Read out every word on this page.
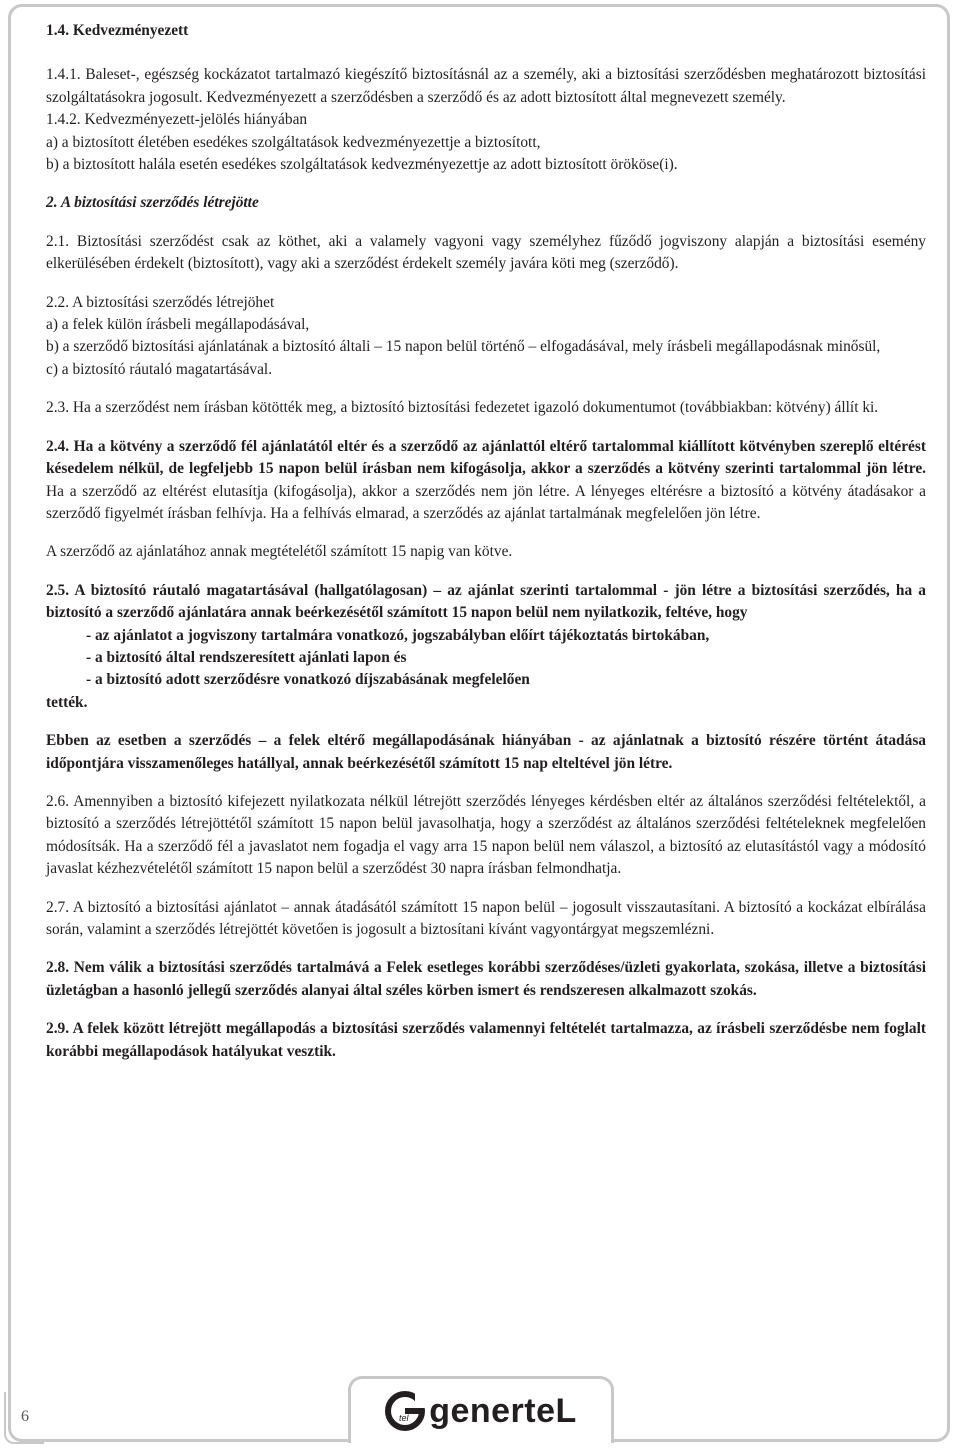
1.4. Kedvezményezett

1.4.1. Baleset-, egészség kockázatot tartalmazó kiegészítő biztosításnál az a személy, aki a biztosítási szerződésben meghatározott biztosítási szolgáltatásokra jogosult. Kedvezményezett a szerződésben a szerződő és az adott biztosított által megnevezett személy.

1.4.2. Kedvezményezett-jelölés hiányában

a) a biztosított életében esedékes szolgáltatások kedvezményezettje a biztosított,

b) a biztosított halála esetén esedékes szolgáltatások kedvezményezettje az adott biztosított örököse(i).

2. A biztosítási szerződés létrejötte

2.1. Biztosítási szerződést csak az köthet, aki a valamely vagyoni vagy személyhez fűződő jogviszony alapján a biztosítási esemény elkerülésében érdekelt (biztosított), vagy aki a szerződést érdekelt személy javára köti meg (szerződő).

2.2. A biztosítási szerződés létrejöhet

a) a felek külön írásbeli megállapodásával,

b) a szerződő biztosítási ajánlatának a biztosító általi – 15 napon belül történő – elfogadásával, mely írásbeli megállapodásnak minősül,

c) a biztosító ráutaló magatartásával.

2.3. Ha a szerződést nem írásban kötötték meg, a biztosító biztosítási fedezetet igazoló dokumentumot (továbbiakban: kötvény) állít ki.

2.4. Ha a kötvény a szerződő fél ajánlatától eltér és a szerződő az ajánlattól eltérő tartalommal kiállított kötvényben szereplő eltérést késedelem nélkül, de legfeljebb 15 napon belül írásban nem kifogásolja, akkor a szerződés a kötvény szerinti tartalommal jön létre. Ha a szerződő az eltérést elutasítja (kifogásolja), akkor a szerződés nem jön létre. A lényeges eltérésre a biztosító a kötvény átadásakor a szerződő figyelmét írásban felhívja. Ha a felhívás elmarad, a szerződés az ajánlat tartalmának megfelelően jön létre.

A szerződő az ajánlatához annak megtételétől számított 15 napig van kötve.

2.5. A biztosító ráutaló magatartásával (hallgatólagosan) – az ajánlat szerinti tartalommal - jön létre a biztosítási szerződés, ha a biztosító a szerződő ajánlatára annak beérkezésétől számított 15 napon belül nem nyilatkozik, feltéve, hogy

- az ajánlatot a jogviszony tartalmára vonatkozó, jogszabályban előírt tájékoztatás birtokában,

- a biztosító által rendszeresített ajánlati lapon és

- a biztosító adott szerződésre vonatkozó díjszabásának megfelelően

tették.

Ebben az esetben a szerződés – a felek eltérő megállapodásának hiányában - az ajánlatnak a biztosító részére történt átadása időpontjára visszamenőleges hatállyal, annak beérkezésétől számított 15 nap elteltével jön létre.

2.6. Amennyiben a biztosító kifejezett nyilatkozata nélkül létrejött szerződés lényeges kérdésben eltér az általános szerződési feltételektől, a biztosító a szerződés létrejöttétől számított 15 napon belül javasolhatja, hogy a szerződést az általános szerződési feltételeknek megfelelően módosítsák. Ha a szerződő fél a javaslatot nem fogadja el vagy arra 15 napon belül nem válaszol, a biztosító az elutasítástól vagy a módosító javaslat kézhezvételétől számított 15 napon belül a szerződést 30 napra írásban felmondhatja.

2.7. A biztosító a biztosítási ajánlatot – annak átadásától számított 15 napon belül – jogosult visszautasítani. A biztosító a kockázat elbírálása során, valamint a szerződés létrejöttét követően is jogosult a biztosítani kívánt vagyontárgyat megszemlézni.

2.8. Nem válik a biztosítási szerződés tartalmává a Felek esetleges korábbi szerződéses/üzleti gyakorlata, szokása, illetve a biztosítási üzletágban a hasonló jellegű szerződés alanyai által széles körben ismert és rendszeresen alkalmazott szokás.

2.9. A felek között létrejött megállapodás a biztosítási szerződés valamennyi feltételét tartalmazza, az írásbeli szerződésbe nem foglalt korábbi megállapodások hatályukat vesztik.

6	tel generteL
